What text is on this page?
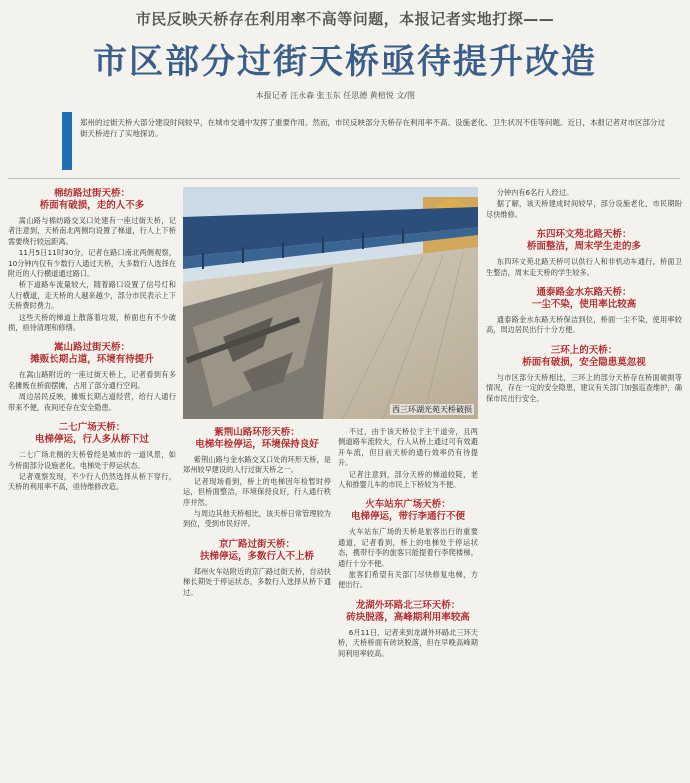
市民反映天桥存在利用率不高等问题，本报记者实地打探——
市区部分过街天桥亟待提升改造
本报记者 汪永森 张玉东 任思德 黄楦悦 文/图
郑州的过街天桥大部分建设时间较早，在城市交通中发挥了重要作用。然而，市民反映部分天桥存在利用率不高、设施老化、卫生状况不佳等问题。近日，本报记者对市区部分过街天桥进行了实地探访。
棉纺路过街天桥：
桥面有破损，走的人不多
嵩山路与棉纺路交叉口处建有一座过街天桥，记者注意到，天桥南北两侧均设置了梯道，行人上下桥需要绕行较远距离。
11月5日11时30分，记者在路口南北两侧观察，10分钟内仅有少数行人通过天桥，大多数行人选择在附近的人行横道通过路口。
桥下道路车流量较大，随着路口设置了信号灯和人行横道，走天桥的人越来越少，部分市民表示上下天桥费时费力。
这些天桥的梯道上散落着垃圾，桥面也有不少破损，亟待清理和修缮。
嵩山路过街天桥：
摊贩长期占道，环境有待提升
在嵩山路附近的一座过街天桥上，记者看到有多名摊贩在桥面摆摊，占用了部分通行空间。
周边居民反映，摊贩长期占道经营，给行人通行带来不便，夜间还存在安全隐患。
二七广场天桥：
电梯停运，行人多从桥下过
二七广场北侧的天桥曾经是城市的一道风景，如今桥面部分设施老化，电梯处于停运状态。
记者观察发现，不少行人仍然选择从桥下穿行，天桥的利用率不高，亟待维修改造。
西三环湖光苑天桥破损
紫荆山路环形天桥：
电梯年检停运，环境保持良好
紫荆山路与金水路交叉口处的环形天桥，是郑州较早建设的人行过街天桥之一。
记者现场看到，桥上的电梯因年检暂时停运，但桥面整洁，环境保持良好，行人通行秩序井然。
与周边其他天桥相比，该天桥日常管理较为到位，受到市民好评。
京广路过街天桥：
扶梯停运，多数行人不上桥
郑州火车站附近的京广路过街天桥，自动扶梯长期处于停运状态，多数行人选择从桥下通过。
不过，由于该天桥位于主干道旁，且两侧道路车流较大，行人从桥上通过可有效避开车流，但目前天桥的通行效率仍有待提升。
记者注意到，部分天桥的梯道较陡，老人和推婴儿车的市民上下桥较为不便。
火车站东广场天桥：
电梯停运，带行李通行不便
火车站东广场的天桥是旅客出行的重要通道，记者看到，桥上的电梯处于停运状态，携带行李的旅客只能提着行李爬楼梯，通行十分不便。
旅客们希望有关部门尽快修复电梯，方便出行。
龙湖外环路北三环天桥：
砖块脱落，高峰期利用率较高
6月11日，记者来到龙湖外环路北三环天桥，天桥桥面有砖块脱落，但在早晚高峰期间利用率较高。
分钟内有6名行人经过。
据了解，该天桥建成时间较早，部分设施老化，市民期盼尽快维修。
东四环文苑北路天桥：
桥面整洁，周末学生走的多
东四环文苑北路天桥可以供行人和非机动车通行，桥面卫生整洁，周末走天桥的学生较多。
通泰路金水东路天桥：
一尘不染，使用率比较高
通泰路金水东路天桥保洁到位，桥面一尘不染，使用率较高，周边居民出行十分方便。
三环上的天桥：
桥面有破损，安全隐患莫忽视
与市区部分天桥相比，三环上的部分天桥存在桥面破损等情况，存在一定的安全隐患，建议有关部门加强巡查维护，确保市民出行安全。
